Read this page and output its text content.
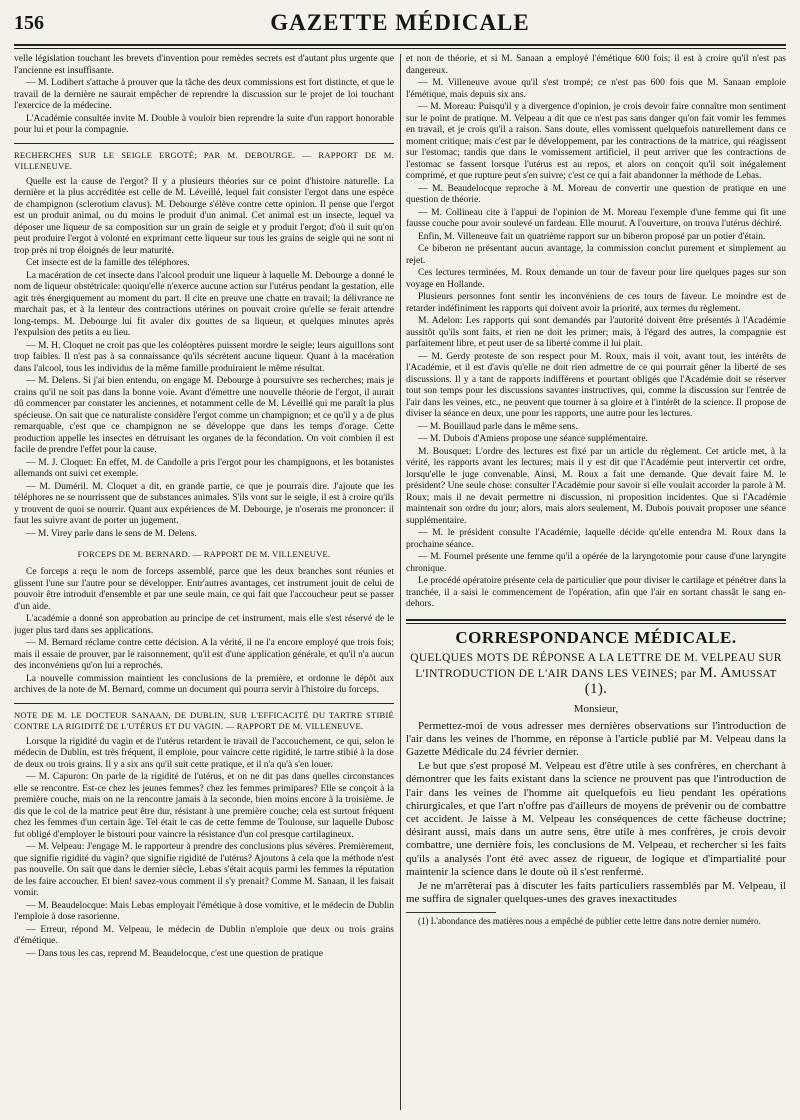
156	GAZETTE MÉDICALE

velle législation touchant les brevets d'invention pour remèdes secrets est d'autant plus urgente que l'ancienne est insuffisante.

— M. Lodibert s'attache à prouver que la tâche des deux commissions est fort distincte, et que le travail de la dernière ne saurait empêcher de reprendre la discussion sur le projet de loi touchant l'exercice de la médecine.

L'Académie consultée invite M. Double à vouloir bien reprendre la suite d'un rapport honorable pour lui et pour la compagnie.

RECHERCHES SUR LE SEIGLE ERGOTÉ; PAR M. DEBOURGE. — RAPPORT DE M. VILLENEUVE.

Quelle est la cause de l'ergot? Il y a plusieurs théories sur ce point d'histoire naturelle. La dernière et la plus accréditée est celle de M. Léveillé, lequel fait consister l'ergot dans une espèce de champignon (sclerotium clavus). M. Debourge s'élève contre cette opinion. Il pense que l'ergot est un produit animal, ou du moins le produit d'un animal. Cet animal est un insecte, lequel va déposer une liqueur de sa composition sur un grain de seigle et y produit l'ergot; d'où il suit qu'on peut produire l'ergot à volonté en exprimant cette liqueur sur tous les grains de seigle qui ne sont ni trop près ni trop éloignés de leur maturité.

Cet insecte est de la famille des téléphores.

La macération de cet insecte dans l'alcool produit une liqueur à laquelle M. Debourge a donné le nom de liqueur obstétricale: quoiqu'elle n'exerce aucune action sur l'utérus pendant la gestation, elle agit très énergiquement au moment du part. Il cite en preuve une chatte en travail; la délivrance ne marchait pas, et à la lenteur des contractions utérines on pouvait croire qu'elle se ferait attendre long-temps. M. Debourge lui fit avaler dix gouttes de sa liqueur, et quelques minutes après l'expulsion des petits a eu lieu.

— M. H. Cloquet ne croit pas que les coléoptères puissent mordre le seigle; leurs aiguillons sont trop faibles. Il n'est pas à sa connaissance qu'ils sécrètent aucune liqueur. Quant à la macération dans l'alcool, tous les individus de la même famille produiraient le même résultat.

— M. Delens. Si j'ai bien entendu, on engage M. Debourge à poursuivre ses recherches; mais je crains qu'il ne soit pas dans la bonne voie. Avant d'émettre une nouvelle théorie de l'ergot, il aurait dû commencer par constater les anciennes, et notamment celle de M. Léveillé qui me paraît la plus spécieuse. On sait que ce naturaliste considère l'ergot comme un champignon; et ce qu'il y a de plus remarquable, c'est que ce champignon ne se développe que dans les temps d'orage. Cette production appelle les insectes en détruisant les organes de la fécondation. On voit combien il est facile de prendre l'effet pour la cause.

— M. J. Cloquet: En effet, M. de Candolle a pris l'ergot pour les champignons, et les botanistes allemands ont suivi cet exemple.

— M. Duméril. M. Cloquet a dit, en grande partie, ce que je pourrais dire. J'ajoute que les téléphores ne se nourrissent que de substances animales. S'ils vont sur le seigle, il est à croire qu'ils y trouvent de quoi se nourrir. Quant aux expériences de M. Debourge, je n'oserais me prononcer: il faut les suivre avant de porter un jugement.

— M. Virey parle dans le sens de M. Delens.

FORCEPS DE M. BERNARD. — RAPPORT DE M. VILLENEUVE.

Ce forceps a reçu le nom de forceps assemblé, parce que les deux branches sont réunies et glissent l'une sur l'autre pour se développer. Entr'autres avantages, cet instrument jouit de celui de pouvoir être introduit d'ensemble et par une seule main, ce qui fait que l'accoucheur peut se passer d'un aide.

L'académie a donné son approbation au principe de cet instrument, mais elle s'est réservé de le juger plus tard dans ses applications.

— M. Bernard réclame contre cette décision. A la vérité, il ne l'a encore employé que trois fois; mais il essaie de prouver, par le raisonnement, qu'il est d'une application générale, et qu'il n'a aucun des inconvéniens qu'on lui a reprochés.

La nouvelle commission maintient les conclusions de la première, et ordonne le dépôt aux archives de la note de M. Bernard, comme un document qui pourra servir à l'histoire du forceps.

NOTE DE M. LE DOCTEUR SANAAN, DE DUBLIN, SUR L'EFFICACITÉ DU TARTRE STIBIÉ CONTRE LA RIGIDITÉ DE L'UTÉRUS ET DU VAGIN. — RAPPORT DE M. VILLENEUVE.

Lorsque la rigidité du vagin et de l'utérus retardent le travail de l'accouchement, ce qui, selon le médecin de Dublin, est très fréquent, il emploie, pour vaincre cette rigidité, le tartre stibié à la dose de deux ou trois grains. Il y a six ans qu'il suit cette pratique, et il n'a qu'à s'en louer.

— M. Capuron: On parle de la rigidité de l'utérus, et on ne dit pas dans quelles circonstances elle se rencontre. Est-ce chez les jeunes femmes? chez les femmes primipares? Elle se conçoit à la première couche, mais on ne la rencontre jamais à la seconde, bien moins encore à la troisième. Je dis que le col de la matrice peut être dur, résistant à une première couche; cela est surtout fréquent chez les femmes d'un certain âge. Tel était le cas de cette femme de Toulouse, sur laquelle Dubosc fut obligé d'employer le bistouri pour vaincre la résistance d'un col presque cartilagineux.

— M. Velpeau: J'engage M. le rapporteur à prendre des conclusions plus sévères. Premièrement, que signifie rigidité du vagin? que signifie rigidité de l'utérus? Ajoutons à cela que la méthode n'est pas nouvelle. On sait que dans le dernier siècle, Lebas s'était acquis parmi les femmes la réputation de les faire accoucher. Et bien! savez-vous comment il s'y prenait? Comme M. Sanaan, il les faisait vomir.

— M. Beaudelocque: Mais Lebas employait l'émétique à dose vomitive, et le médecin de Dublin l'emploie à dose rasorienne.

— Erreur, répond M. Velpeau, le médecin de Dublin n'emploie que deux ou trois grains d'émétique.

— Dans tous les cas, reprend M. Beaudelocque, c'est une question de pratique

et non de théorie, et si M. Sanaan a employé l'émétique 600 fois; il est à croire qu'il n'est pas dangereux.

— M. Villeneuve avoue qu'il s'est trompé; ce n'est pas 600 fois que M. Sanaan emploie l'émétique, mais depuis six ans.

— M. Moreau: Puisqu'il y a divergence d'opinion, je crois devoir faire connaître mon sentiment sur le point de pratique. M. Velpeau a dit que ce n'est pas sans danger qu'on fait vomir les femmes en travail, et je crois qu'il a raison. Sans doute, elles vomissent quelquefois naturellement dans ce moment critique; mais c'est par le développement, par les contractions de la matrice, qui réagissent sur l'estomac; tandis que dans le vomissement artificiel, il peut arriver que les contractions de l'estomac se fassent lorsque l'utérus est au repos, et alors on conçoit qu'il soit inégalement comprimé, et que rupture peut s'en suivre; c'est ce qui a fait abandonner la méthode de Lebas.

— M. Beaudelocque reproche à M. Moreau de convertir une question de pratique en une question de théorie.

— M. Collineau cite à l'appui de l'opinion de M. Moreau l'exemple d'une femme qui fit une fausse couche pour avoir soulevé un fardeau. Elle mourut. A l'ouverture, on trouva l'utérus déchiré.

Enfin, M. Villeneuve fait un quatrième rapport sur un biberon proposé par un potier d'étain.

Ce biberon ne présentant aucun avantage, la commission conclut purement et simplement au rejet.

Ces lectures terminées, M. Roux demande un tour de faveur pour lire quelques pages sur son voyage en Hollande.

Plusieurs personnes font sentir les inconvéniens de ces tours de faveur. Le moindre est de retarder indéfiniment les rapports qui doivent avoir la priorité, aux termes du règlement.

M. Adelon: Les rapports qui sont demandés par l'autorité doivent être présentés à l'Académie aussitôt qu'ils sont faits, et rien ne doit les primer; mais, à l'égard des autres, la compagnie est parfaitement libre, et peut user de sa liberté comme il lui plait.

— M. Gerdy proteste de son respect pour M. Roux, mais il voit, avant tout, les intérêts de l'Académie, et il est d'avis qu'elle ne doit rien admettre de ce qui pourrait gêner la liberté de ses discussions. Il y a tant de rapports indifférens et pourtant obligés que l'Académie doit se réserver tout son temps pour les discussions savantes instructives, qui, comme la discussion sur l'entrée de l'air dans les veines, etc., ne peuvent que tourner à sa gloire et à l'intérêt de la science. Il propose de diviser la séance en deux, une pour les rapports, une autre pour les lectures.

— M. Bouillaud parle dans le même sens.

— M. Dubois d'Amiens propose une séance supplémentaire.

M. Bousquet: L'ordre des lectures est fixé par un article du règlement. Cet article met, à la vérité, les rapports avant les lectures; mais il y est dit que l'Académie peut intervertir cet ordre, lorsqu'elle le juge convenable. Ainsi, M. Roux a fait une demande. Que devait faire M. le président? Une seule chose: consulter l'Académie pour savoir si elle voulait accorder la parole à M. Roux; mais il ne devait permettre ni discussion, ni proposition incidentes. Que si l'Académie maintenait son ordre du jour; alors, mais alors seulement, M. Dubois pouvait proposer une séance supplémentaire.

— M. le président consulte l'Académie, laquelle décide qu'elle entendra M. Roux dans la prochaine séance.

— M. Fournel présente une femme qu'il a opérée de la laryngotomie pour cause d'une laryngite chronique.

Le procédé opératoire présente cela de particulier que pour diviser le cartilage et pénétrer dans la tranchée, il a saisi le commencement de l'opération, afin que l'air en sortant chassât le sang en-dehors.

CORRESPONDANCE MÉDICALE.
QUELQUES MOTS DE RÉPONSE A LA LETTRE DE M. VELPEAU SUR L'INTRODUCTION DE L'AIR DANS LES VEINES; par M. Amussat (1).
Monsieur,

Permettez-moi de vous adresser mes dernières observations sur l'introduction de l'air dans les veines de l'homme, en réponse à l'article publié par M. Velpeau dans la Gazette Médicale du 24 février dernier.

Le but que s'est proposé M. Velpeau est d'être utile à ses confrères, en cherchant à démontrer que les faits existant dans la science ne prouvent pas que l'introduction de l'air dans les veines de l'homme ait quelquefois eu lieu pendant les opérations chirurgicales, et que l'art n'offre pas d'ailleurs de moyens de prévenir ou de combattre cet accident. Je laisse à M. Velpeau les conséquences de cette fâcheuse doctrine; désirant aussi, mais dans un autre sens, être utile à mes confrères, je crois devoir combattre, une dernière fois, les conclusions de M. Velpeau, et rechercher si les faits qu'ils a analysés l'ont été avec assez de rigueur, de logique et d'impartialité pour maintenir la science dans le doute où il s'est renfermé.

Je ne m'arrêterai pas à discuter les faits particuliers rassemblés par M. Velpeau, il me suffira de signaler quelques-unes des graves inexactitudes

(1) L'abondance des matières nous a empêché de publier cette lettre dans notre dernier numéro.
